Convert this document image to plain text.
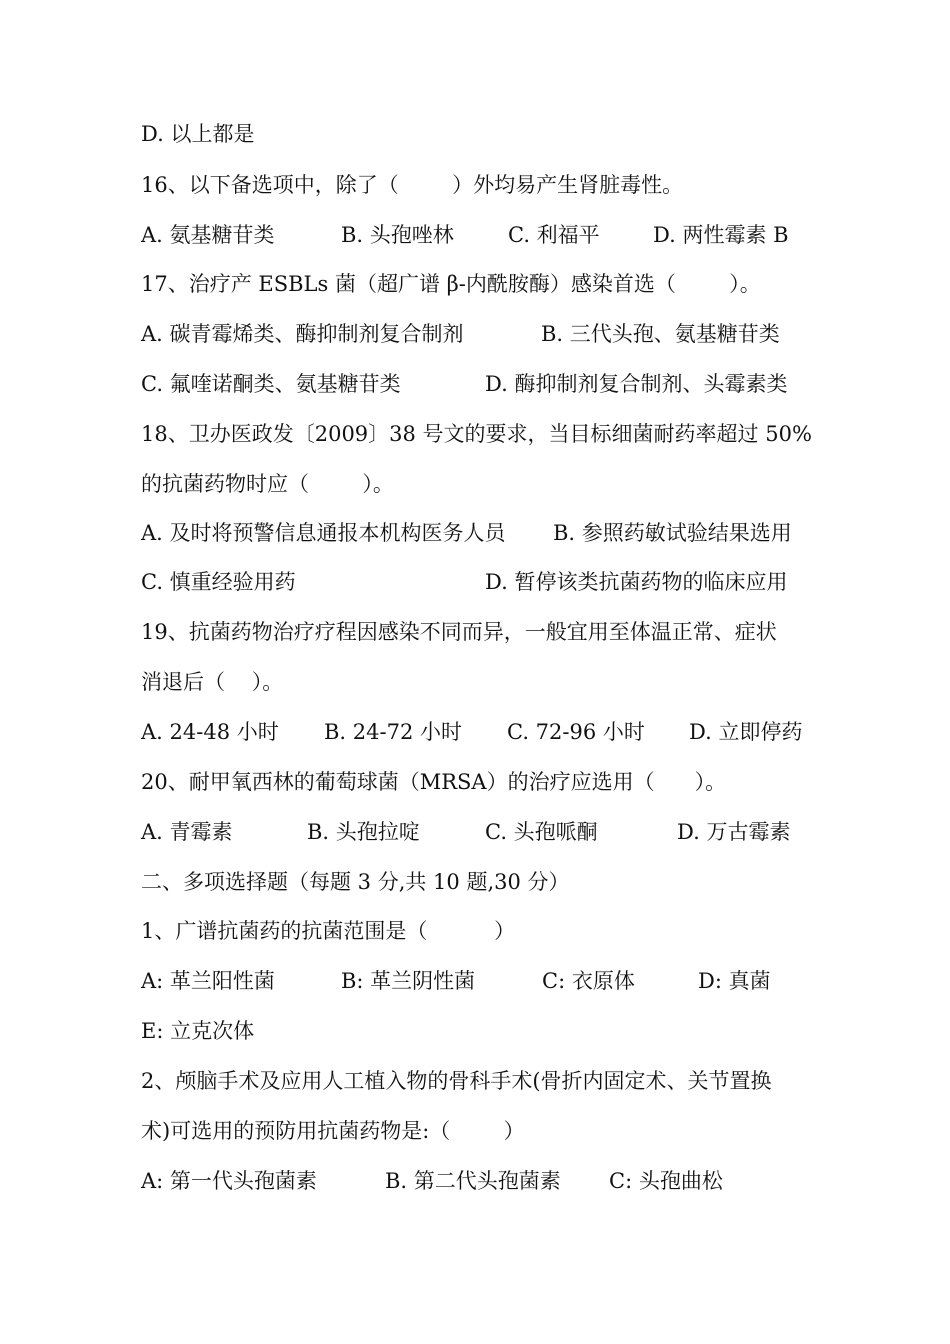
D. 以上都是
16、以下备选项中，除了（        ）外均易产生肾脏毒性。
A. 氨基糖苷类	B. 头孢唑林	C. 利福平	D. 两性霉素 B
17、治疗产 ESBLs 菌（超广谱 β-内酰胺酶）感染首选（        ）。
A. 碳青霉烯类、酶抑制剂复合制剂	B. 三代头孢、氨基糖苷类
C. 氟喹诺酮类、氨基糖苷类	D. 酶抑制剂复合制剂、头霉素类
18、卫办医政发〔2009〕38 号文的要求，当目标细菌耐药率超过 50%
的抗菌药物时应（        ）。
A. 及时将预警信息通报本机构医务人员 B. 参照药敏试验结果选用
C. 慎重经验用药	D. 暂停该类抗菌药物的临床应用
19、抗菌药物治疗疗程因感染不同而异，一般宜用至体温正常、症状
消退后（    ）。
A. 24-48 小时 B. 24-72 小时 C. 72-96 小时 D. 立即停药
20、耐甲氧西林的葡萄球菌（MRSA）的治疗应选用（      ）。
A. 青霉素	B. 头孢拉啶	C. 头孢哌酮	D. 万古霉素
二、多项选择题（每题 3 分,共 10 题,30 分）
1、广谱抗菌药的抗菌范围是（          ）
A: 革兰阳性菌	B: 革兰阴性菌	C: 衣原体	D: 真菌
E: 立克次体
2、颅脑手术及应用人工植入物的骨科手术(骨折内固定术、关节置换
术)可选用的预防用抗菌药物是:（        ）
A: 第一代头孢菌素	B. 第二代头孢菌素 C: 头孢曲松
